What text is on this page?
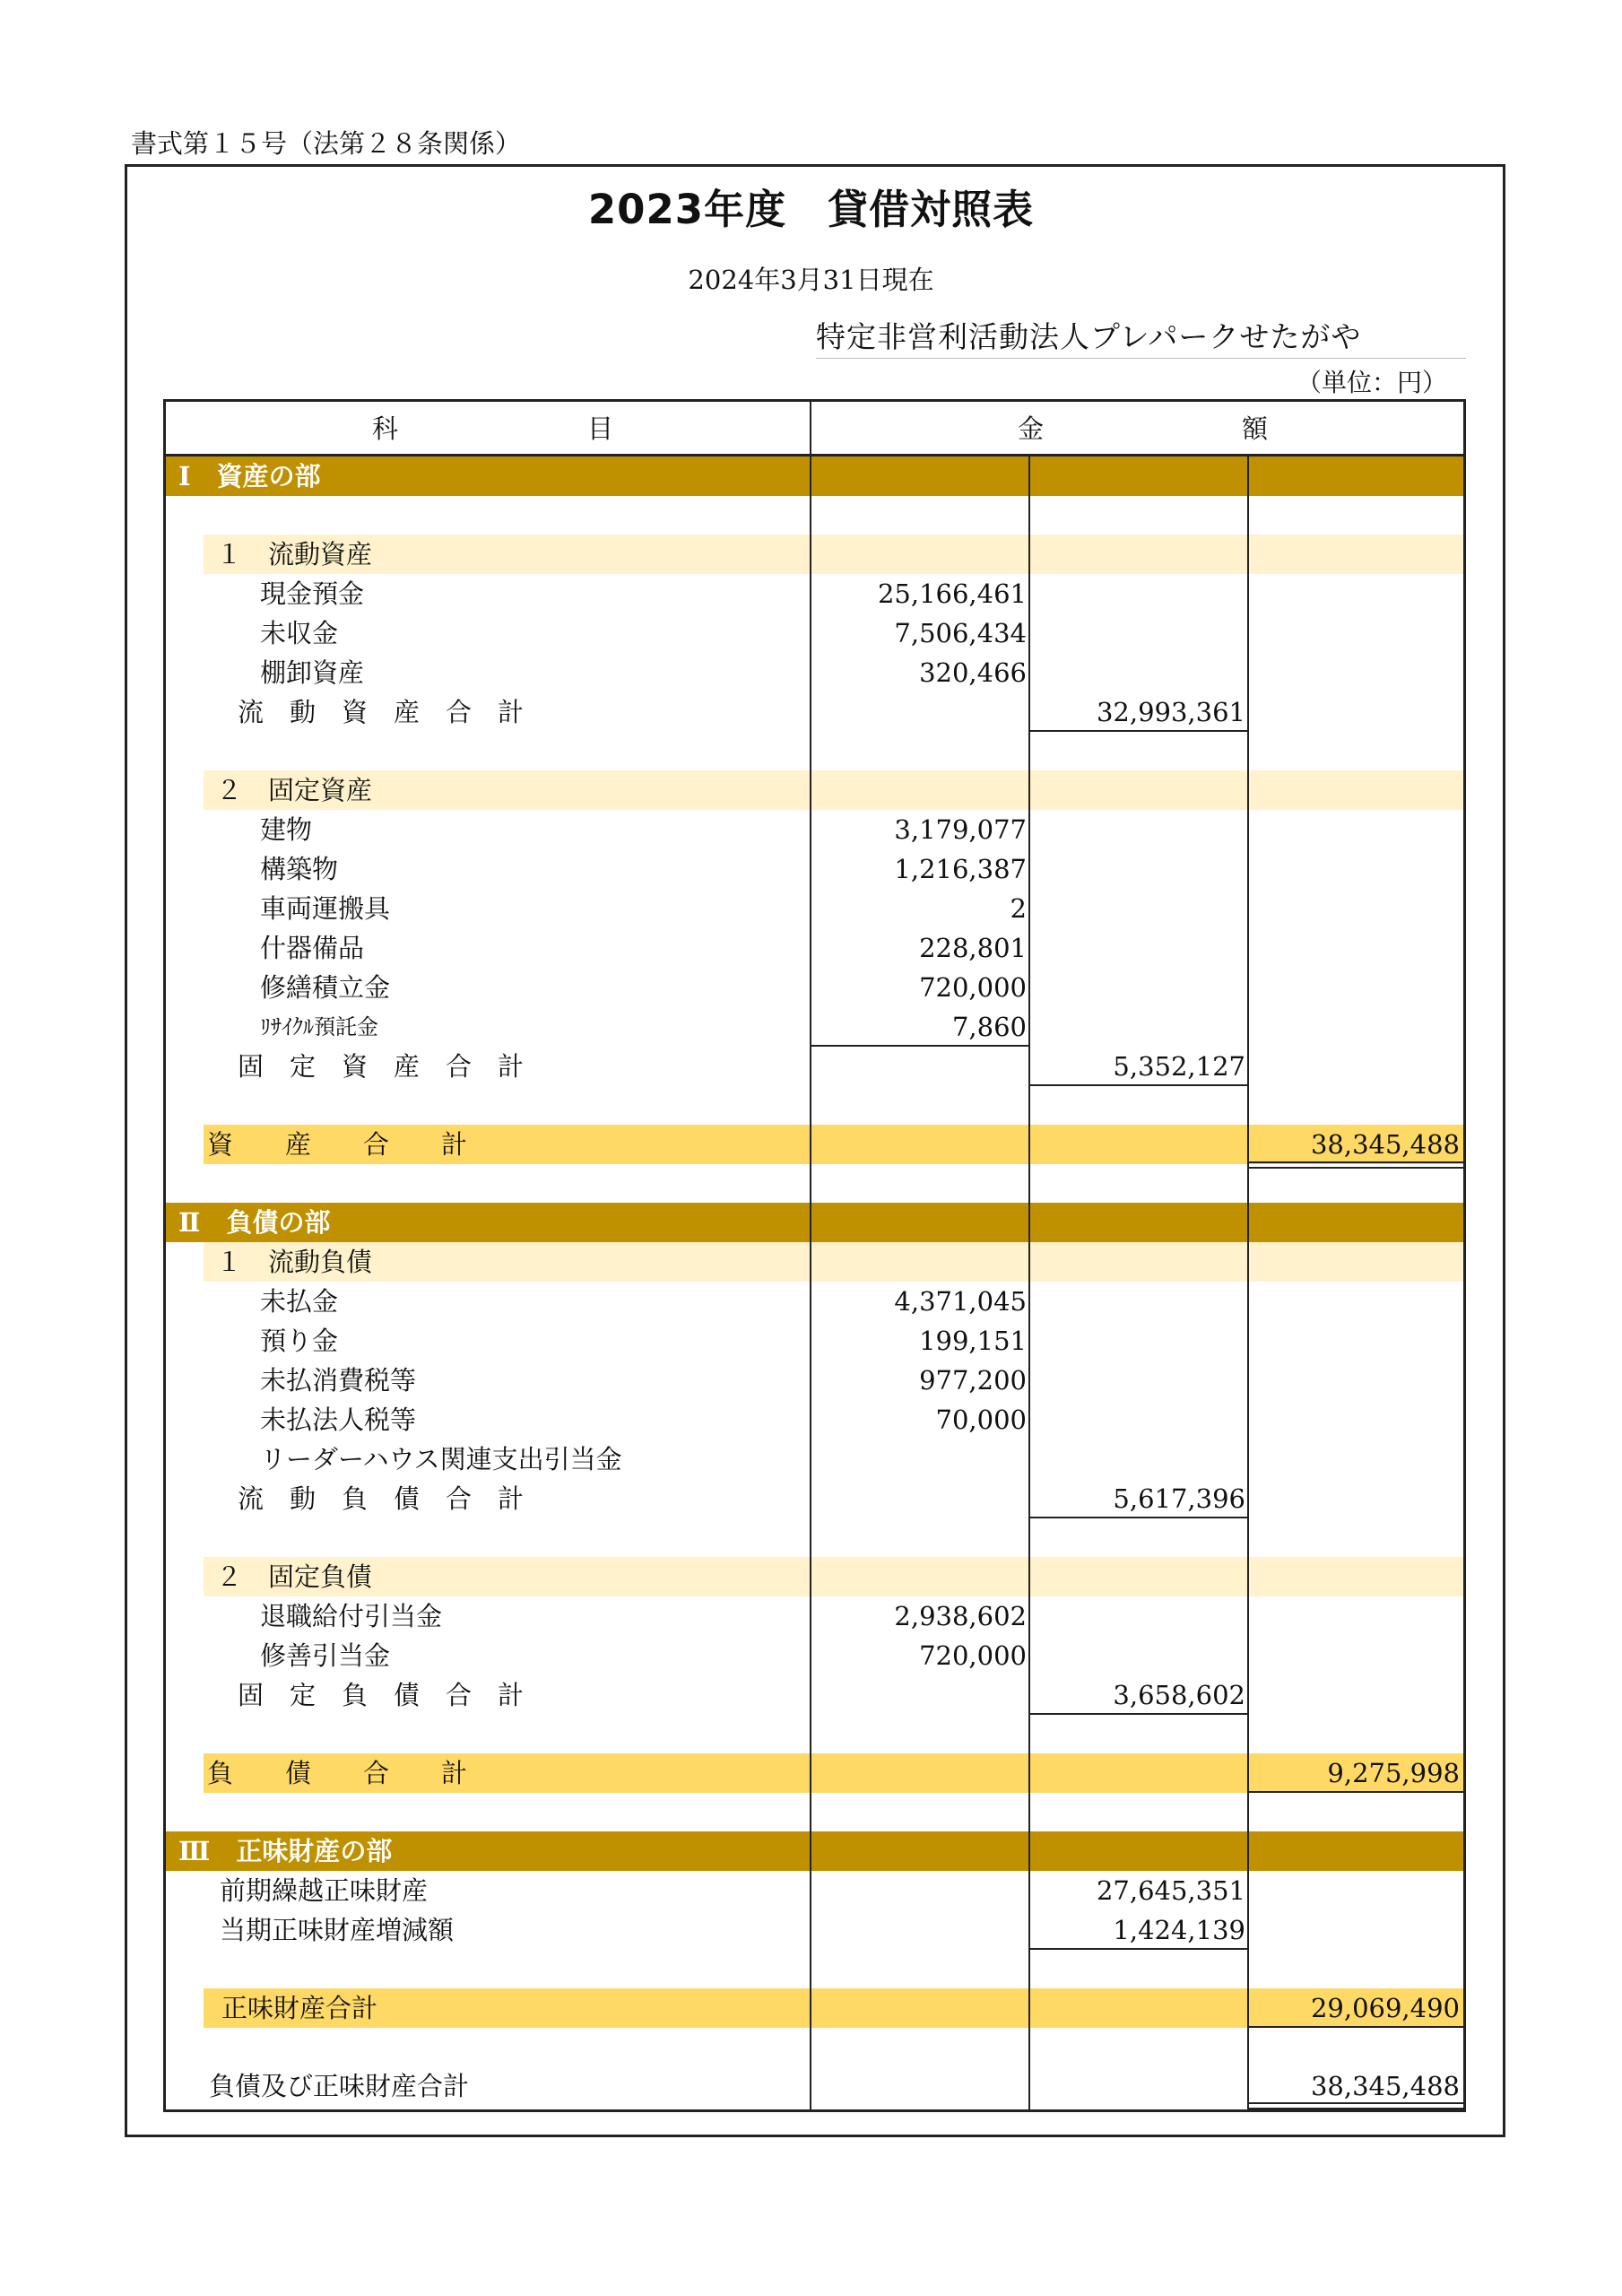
書式第１５号（法第２８条関係）
2023年度　貸借対照表
2024年3月31日現在
特定非営利活動法人プレパークせたがや
（単位：円）
科	目	金	額
Ⅰ　資産の部
１　流動資産
現金預金	25,166,461
未収金	7,506,434
棚卸資産	320,466
流　動　資　産　合　計	32,993,361
２　固定資産
建物	3,179,077
構築物	1,216,387
車両運搬具	2
什器備品	228,801
修繕積立金	720,000
ﾘｻｲｸﾙ預託金	7,860
固　定　資　産　合　計	5,352,127
資　　産　　合　　計	38,345,488
Ⅱ　負債の部
１　流動負債
未払金	4,371,045
預り金	199,151
未払消費税等	977,200
未払法人税等	70,000
リーダーハウス関連支出引当金
流　動　負　債　合　計	5,617,396
２　固定負債
退職給付引当金	2,938,602
修善引当金	720,000
固　定　負　債　合　計	3,658,602
負　　債　　合　　計	9,275,998
Ⅲ　正味財産の部
前期繰越正味財産	27,645,351
当期正味財産増減額	1,424,139
正味財産合計	29,069,490
負債及び正味財産合計	38,345,488
